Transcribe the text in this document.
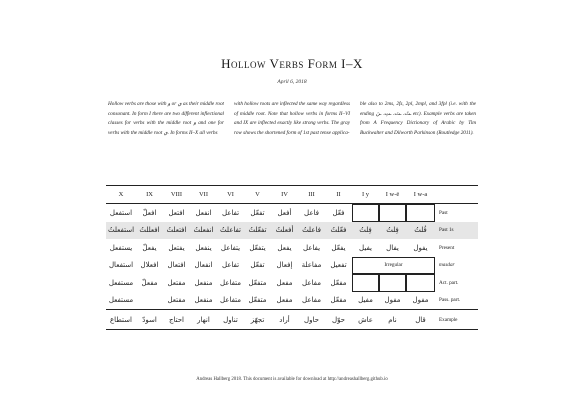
Hollow Verbs Form I–X
April 6, 2018

Hollow verbs are those with و or ي as their middle root consonant. In form I there are two different inflectional classes for verbs with the middle root و and one for verbs with the middle root ي. In forms II–X all verbs

with hollow roots are inflected the same way regardless of middle root. Note that hollow verbs in forms II–VI and IX are inflected exactly like strong verbs. The gray row shows the shortened form of 1st past tense applica-

ble also to 2ms, 2fs, 2pl, 2mpl, and 3fpl (i.e. with the ending ـتُ، ـتَ، ـتِ، ـنَ etc). Example verbs are taken from A Frequency Dictionary of Arabic by Tim Buckwalter and Dilworth Parkinson (Routledge 2011).

X	IX	VIII	VII	VI	V	IV	III	II	I y	I w-ē	I w-a	
استفعل	افعلّ	افتعل	انفعل	تفاعل	تفعّل	أفعل	فاعل	فعّل				Past
استفعلتُ	افعللتُ	افتعلتُ	انفعلتُ	تفاعلتُ	تفعّلتُ	أفعلتُ	فاعلتُ	فعّلتُ	فِلتُ	فِلتُ	فُلتُ	Past 1s
يستفعل	يفعلّ	يفتعل	ينفعل	يتفاعل	يتفعّل	يفعل	يفاعل	يفعّل	يفيل	يفال	يفول	Present
استفعال	افعلال	افتعال	انفعال	تفاعل	تفعّل	إفعال	مفاعلة	تفعيل	Irregular			masdar
مستفعل	مفعلّ	مفتعل	منفعل	متفاعل	متفعّل	مفعل	مفاعل	مفعّل				Act. part.
مستفعل		مفتعل	منفعل	متفاعل	متفعّل	مفعل	مفاعل	مفعّل	مفيل	مفول	مفول	Pass. part.
استطاع	اسودّ	احتاج	انهار	تناول	تجهّز	أراد	حاول	حوّل	عاش	نام	قال	Example
Andreas Hallberg 2018. This document is available for download at http://andreashallberg.github.io
